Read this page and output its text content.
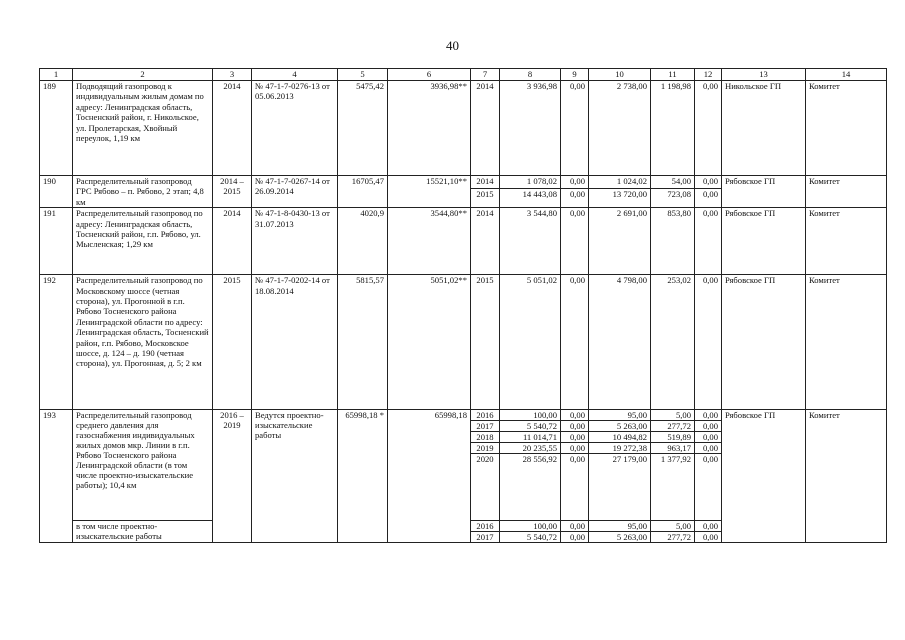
40
1	2	3	4	5	6	7	8	9	10	11	12	13	14
189	Подводящий газопровод к индивидуальным жилым домам по адресу: Ленинградская область, Тосненский район, г. Никольское, ул. Пролетарская, Хвойный переулок, 1,19 км	2014	№ 47-1-7-0276-13 от 05.06.2013	5475,42	3936,98**	2014	3 936,98	0,00	2 738,00	1 198,98	0,00	Никольское ГП	Комитет
190	Распределительный газопровод ГРС Рябово – п. Рябово, 2 этап; 4,8 км	2014 – 2015	№ 47-1-7-0267-14 от 26.09.2014	16705,47	15521,10**	2014	1 078,02	0,00	1 024,02	54,00	0,00	Рябовское ГП	Комитет
						2015	14 443,08	0,00	13 720,00	723,08	0,00		
191	Распределительный газопровод по адресу: Ленинградская область, Тосненский район, г.п. Рябово, ул. Мысленская; 1,29 км	2014	№ 47-1-8-0430-13 от 31.07.2013	4020,9	3544,80**	2014	3 544,80	0,00	2 691,00	853,80	0,00	Рябовское ГП	Комитет
192	Распределительный газопровод по Московскому шоссе (четная сторона), ул. Прогонной в г.п. Рябово Тосненского района Ленинградской области по адресу: Ленинградская область, Тосненский район, г.п. Рябово, Московское шоссе, д. 124 – д. 190 (четная сторона), ул. Прогонная, д. 5; 2 км	2015	№ 47-1-7-0202-14 от 18.08.2014	5815,57	5051,02**	2015	5 051,02	0,00	4 798,00	253,02	0,00	Рябовское ГП	Комитет
193	Распределительный газопровод среднего давления для газоснабжения индивидуальных жилых домов мкр. Линии в г.п. Рябово Тосненского района Ленинградской области (в том числе проектно-изыскательские работы); 10,4 км	2016 – 2019	Ведутся проектно-изыскательские работы	65998,18 *	65998,18	2016	100,00	0,00	95,00	5,00	0,00	Рябовское ГП	Комитет
						2017	5 540,72	0,00	5 263,00	277,72	0,00		
						2018	11 014,71	0,00	10 494,82	519,89	0,00		
						2019	20 235,55	0,00	19 272,38	963,17	0,00		
						2020	28 556,92	0,00	27 179,00	1 377,92	0,00		
	в том числе проектно-изыскательские работы					2016	100,00	0,00	95,00	5,00	0,00		
						2017	5 540,72	0,00	5 263,00	277,72	0,00		
